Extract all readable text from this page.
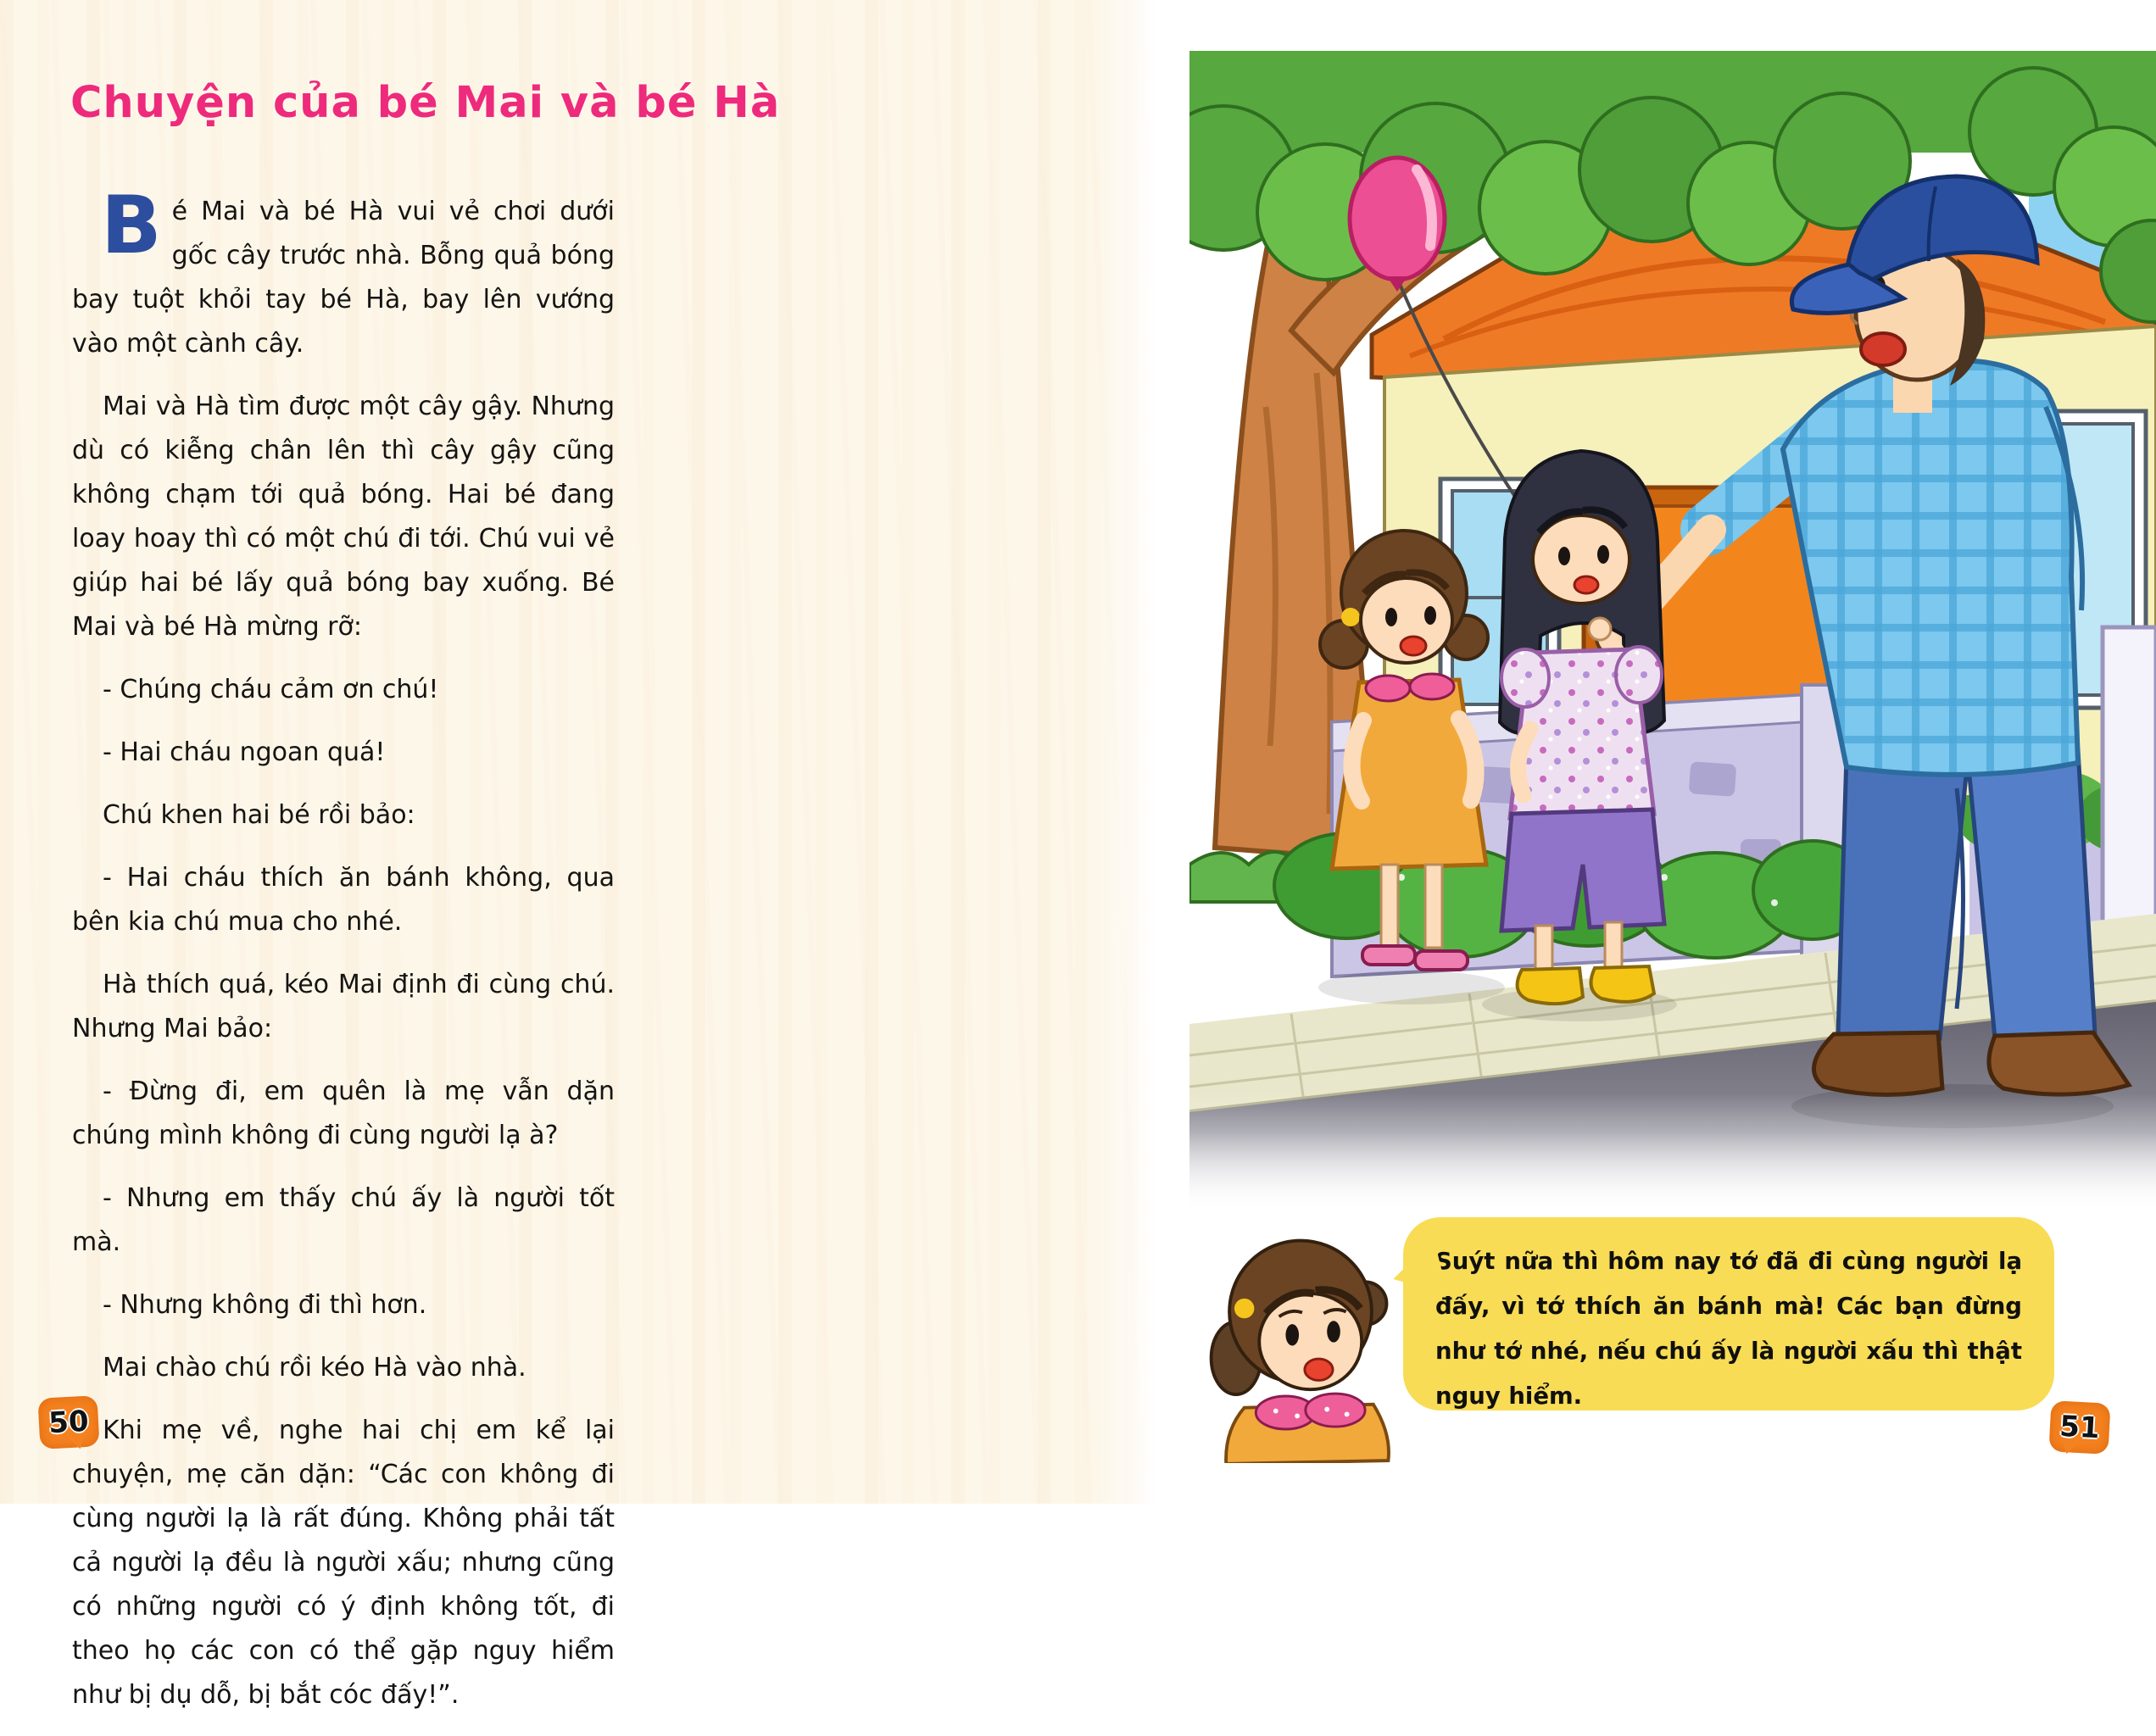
Chuyện của bé Mai và bé Hà

Bé Mai và bé Hà vui vẻ chơi dưới gốc cây trước nhà. Bỗng quả bóng bay tuột khỏi tay bé Hà, bay lên vướng vào một cành cây.

Mai và Hà tìm được một cây gậy. Nhưng dù có kiễng chân lên thì cây gậy cũng không chạm tới quả bóng. Hai bé đang loay hoay thì có một chú đi tới. Chú vui vẻ giúp hai bé lấy quả bóng bay xuống. Bé Mai và bé Hà mừng rỡ:

- Chúng cháu cảm ơn chú!

- Hai cháu ngoan quá!

Chú khen hai bé rồi bảo:

- Hai cháu thích ăn bánh không, qua bên kia chú mua cho nhé.

Hà thích quá, kéo Mai định đi cùng chú. Nhưng Mai bảo:

- Đừng đi, em quên là mẹ vẫn dặn chúng mình không đi cùng người lạ à?

- Nhưng em thấy chú ấy là người tốt mà.

- Nhưng không đi thì hơn.

Mai chào chú rồi kéo Hà vào nhà.

Khi mẹ về, nghe hai chị em kể lại chuyện, mẹ căn dặn: “Các con không đi cùng người lạ là rất đúng. Không phải tất cả người lạ đều là người xấu; nhưng cũng có những người có ý định không tốt, đi theo họ các con có thể gặp nguy hiểm như bị dụ dỗ, bị bắt cóc đấy!”.

50
Suýt nữa thì hôm nay tớ đã đi cùng người lạ đấy, vì tớ thích ăn bánh mà! Các bạn đừng như tớ nhé, nếu chú ấy là người xấu thì thật nguy hiểm.
51
